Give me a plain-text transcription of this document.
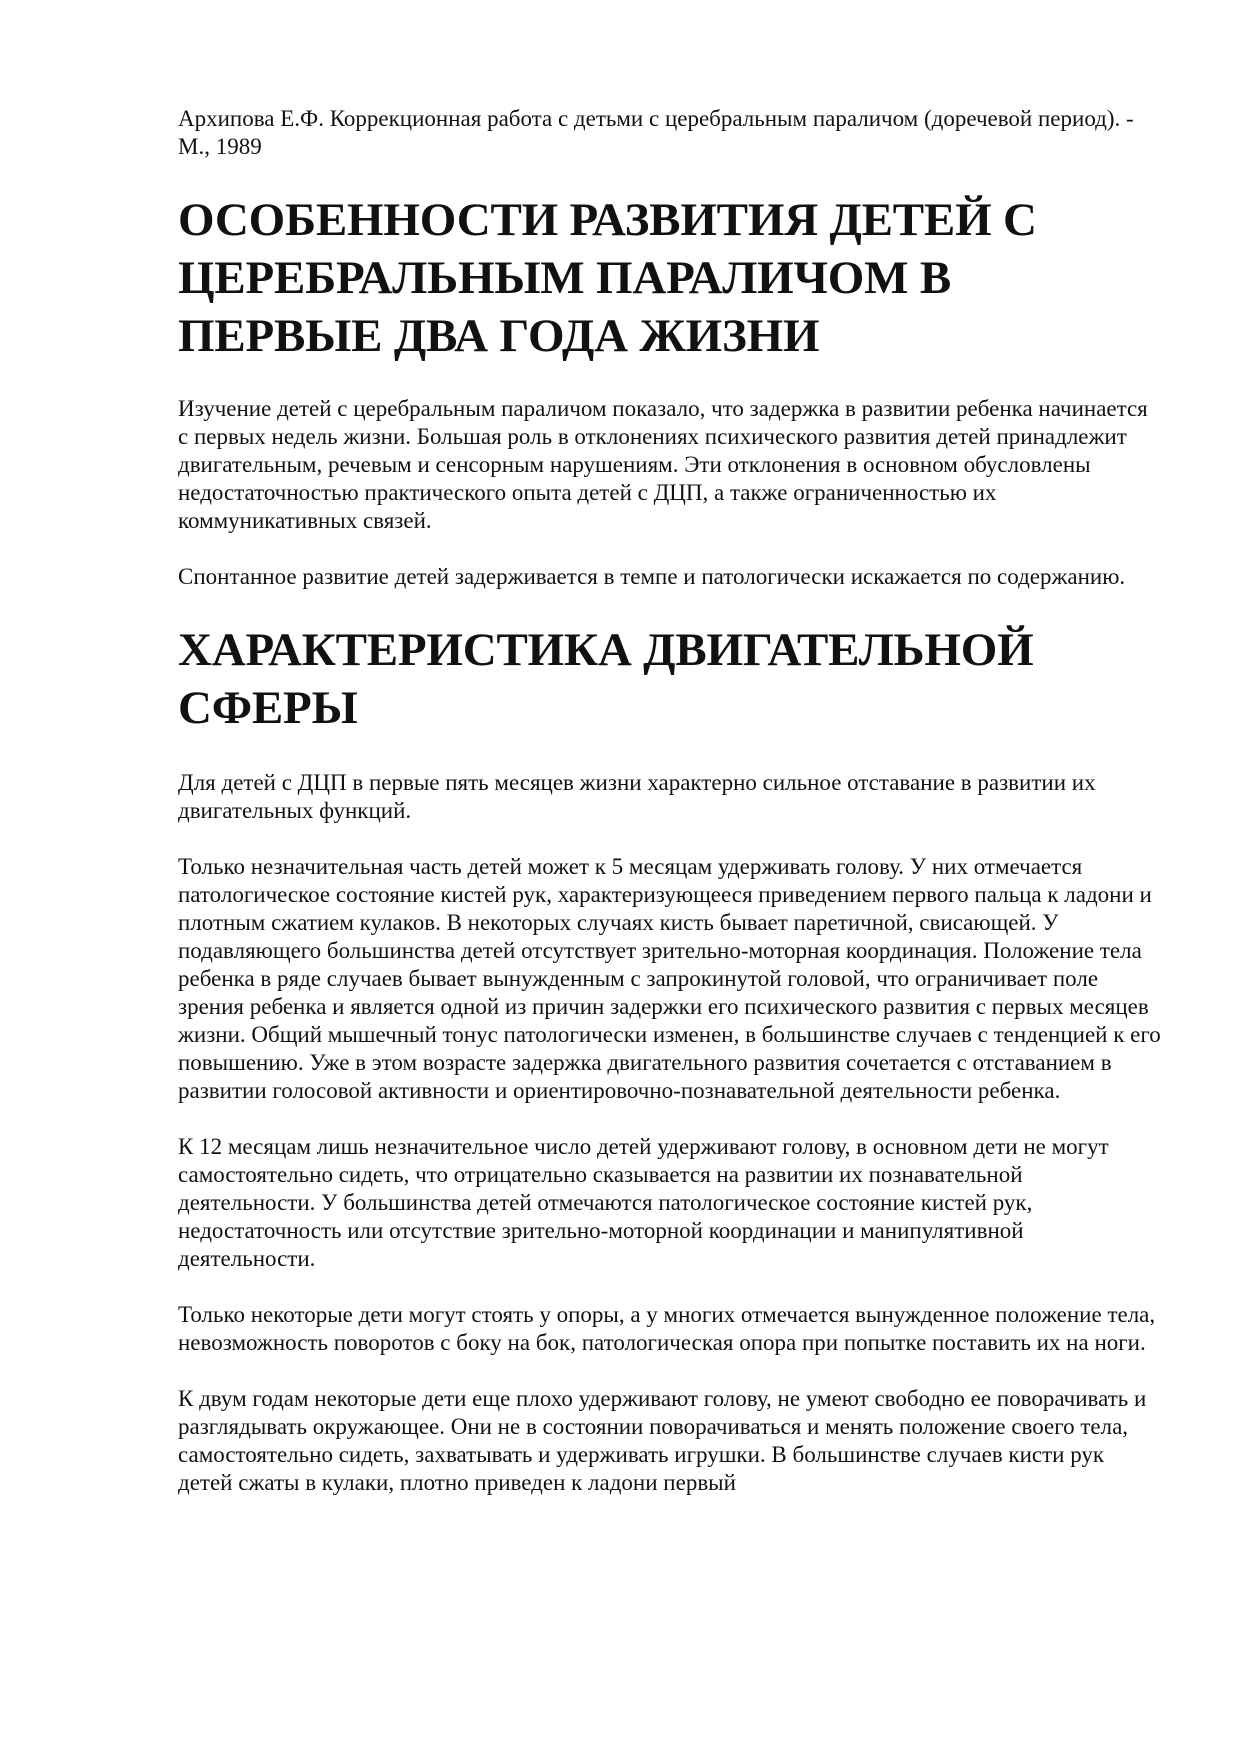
Архипова Е.Ф. Коррекционная работа с детьми с церебральным параличом (доречевой период). - М., 1989

ОСОБЕННОСТИ РАЗВИТИЯ ДЕТЕЙ С ЦЕРЕБРАЛЬНЫМ ПАРАЛИЧОМ В ПЕРВЫЕ ДВА ГОДА ЖИЗНИ

Изучение детей с церебральным параличом показало, что задержка в развитии ребенка начинается с первых недель жизни. Большая роль в отклонениях психического развития детей принадлежит двигательным, речевым и сенсорным нарушениям. Эти отклонения в основном обусловлены недостаточностью практического опыта детей с ДЦП, а также ограниченностью их коммуникативных связей.

Спонтанное развитие детей задерживается в темпе и патологически искажается по содержанию.

ХАРАКТЕРИСТИКА ДВИГАТЕЛЬНОЙ СФЕРЫ

Для детей с ДЦП в первые пять месяцев жизни характерно сильное отставание в развитии их двигательных функций.

Только незначительная часть детей может к 5 месяцам удерживать голову. У них отмечается патологическое состояние кистей рук, характеризующееся приведением первого пальца к ладони и плотным сжатием кулаков. В некоторых случаях кисть бывает паретичной, свисающей. У подавляющего большинства детей отсутствует зрительно-моторная координация. Положение тела ребенка в ряде случаев бывает вынужденным с запрокинутой головой, что ограничивает поле зрения ребенка и является одной из причин задержки его психического развития с первых месяцев жизни. Общий мышечный тонус патологически изменен, в большинстве случаев с тенденцией к его повышению. Уже в этом возрасте задержка двигательного развития сочетается с отставанием в развитии голосовой активности и ориентировочно-познавательной деятельности ребенка.

К 12 месяцам лишь незначительное число детей удерживают голову, в основном дети не могут самостоятельно сидеть, что отрицательно сказывается на развитии их познавательной деятельности. У большинства детей отмечаются патологическое состояние кистей рук, недостаточность или отсутствие зрительно-моторной координации и манипулятивной деятельности.

Только некоторые дети могут стоять у опоры, а у многих отмечается вынужденное положение тела, невозможность поворотов с боку на бок, патологическая опора при попытке поставить их на ноги.

К двум годам некоторые дети еще плохо удерживают голову, не умеют свободно ее поворачивать и разглядывать окружающее. Они не в состоянии поворачиваться и менять положение своего тела, самостоятельно сидеть, захватывать и удерживать игрушки. В большинстве случаев кисти рук детей сжаты в кулаки, плотно приведен к ладони первый
